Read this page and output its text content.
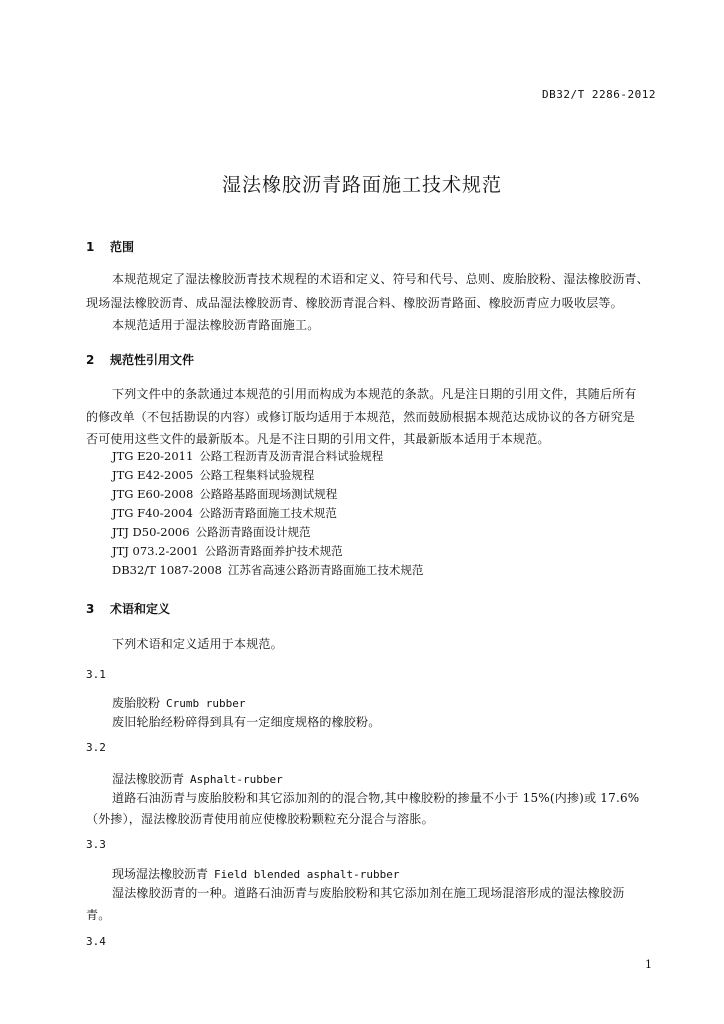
DB32/T 2286-2012
湿法橡胶沥青路面施工技术规范
1 范围
本规范规定了湿法橡胶沥青技术规程的术语和定义、符号和代号、总则、废胎胶粉、湿法橡胶沥青、
现场湿法橡胶沥青、成品湿法橡胶沥青、橡胶沥青混合料、橡胶沥青路面、橡胶沥青应力吸收层等。
本规范适用于湿法橡胶沥青路面施工。
2 规范性引用文件
下列文件中的条款通过本规范的引用而构成为本规范的条款。凡是注日期的引用文件，其随后所有
的修改单（不包括勘误的内容）或修订版均适用于本规范，然而鼓励根据本规范达成协议的各方研究是
否可使用这些文件的最新版本。凡是不注日期的引用文件，其最新版本适用于本规范。
JTG E20-2011 公路工程沥青及沥青混合料试验规程
JTG E42-2005 公路工程集料试验规程
JTG E60-2008 公路路基路面现场测试规程
JTG F40-2004 公路沥青路面施工技术规范
JTJ D50-2006 公路沥青路面设计规范
JTJ 073.2-2001 公路沥青路面养护技术规范
DB32/T 1087-2008 江苏省高速公路沥青路面施工技术规范
3 术语和定义
下列术语和定义适用于本规范。
3.1
废胎胶粉 Crumb rubber
废旧轮胎经粉碎得到具有一定细度规格的橡胶粉。
3.2
湿法橡胶沥青 Asphalt-rubber
道路石油沥青与废胎胶粉和其它添加剂的的混合物,其中橡胶粉的掺量不小于 15%(内掺)或 17.6%
（外掺），湿法橡胶沥青使用前应使橡胶粉颗粒充分混合与溶胀。
3.3
现场湿法橡胶沥青 Field blended asphalt-rubber
湿法橡胶沥青的一种。道路石油沥青与废胎胶粉和其它添加剂在施工现场混溶形成的湿法橡胶沥
青。
3.4
1
